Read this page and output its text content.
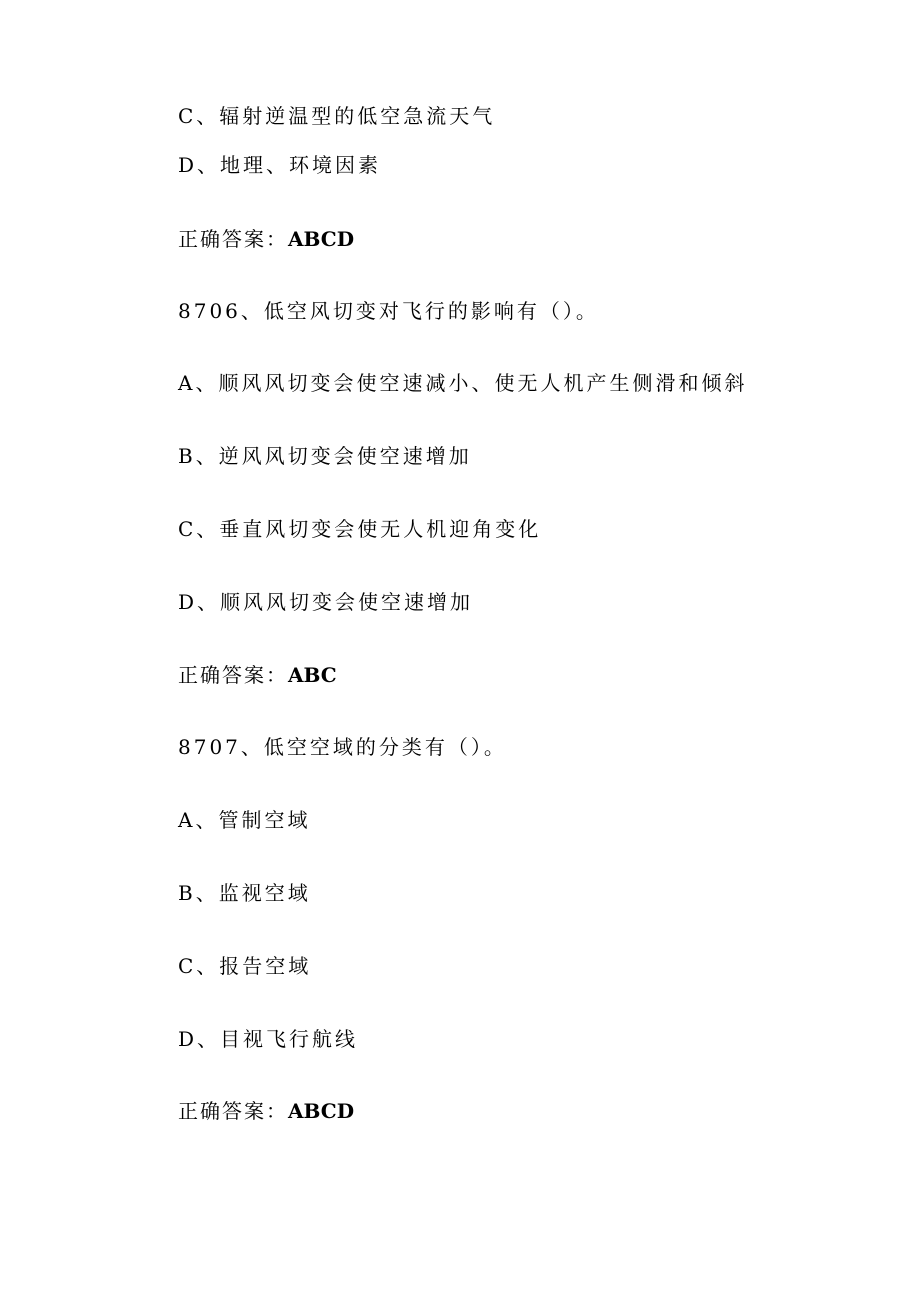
C、辐射逆温型的低空急流天气
D、地理、环境因素
正确答案：ABCD
8706、低空风切变对飞行的影响有（）。
A、顺风风切变会使空速减小、使无人机产生侧滑和倾斜
B、逆风风切变会使空速增加
C、垂直风切变会使无人机迎角变化
D、顺风风切变会使空速增加
正确答案：ABC
8707、低空空域的分类有（）。
A、管制空域
B、监视空域
C、报告空域
D、目视飞行航线
正确答案：ABCD
